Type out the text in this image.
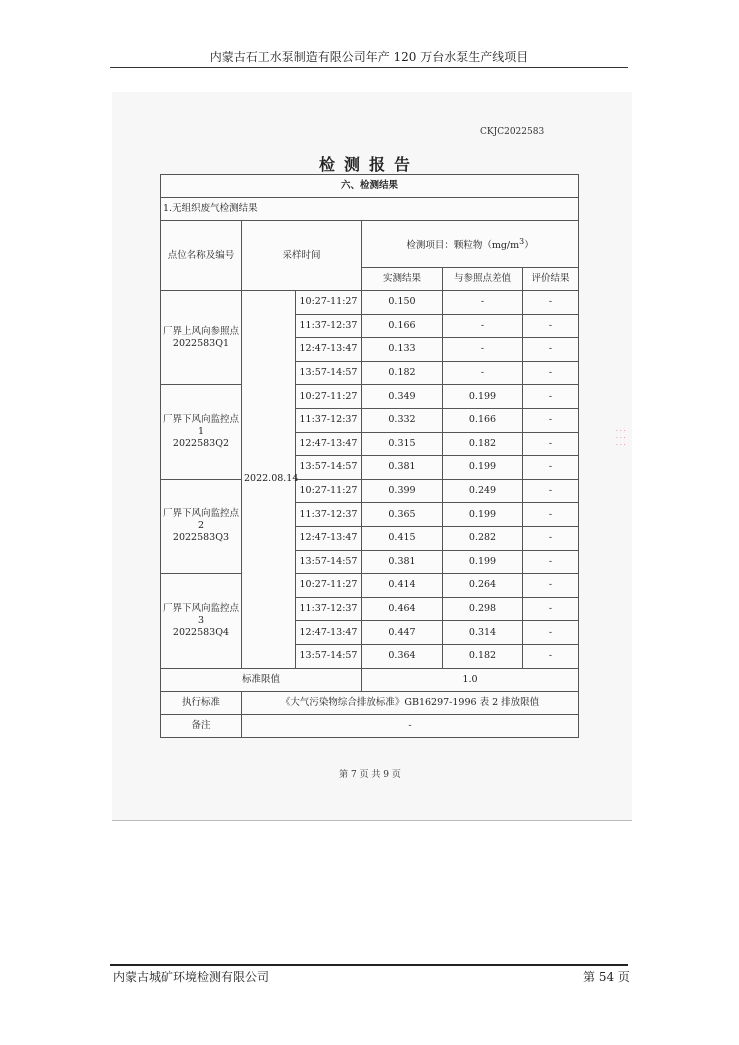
内蒙古石工水泵制造有限公司年产 120 万台水泵生产线项目
CKJC2022583
检测报告
六、检测结果					
1.无组织废气检测结果					
点位名称及编号	采样时间		检测项目：颗粒物$(mg/m^3)$		
			实测结果	与参照点差值	评价结果
厂界上风向参照点
2022583Q1	2022.08.14	10:27-11:27	0.150	-	-
		11:37-12:37	0.166	-	-
		12:47-13:47	0.133	-	-
		13:57-14:57	0.182	-	-
厂界下风向监控点 1
2022583Q2		10:27-11:27	0.349	0.199	-
		11:37-12:37	0.332	0.166	-
		12:47-13:47	0.315	0.182	-
		13:57-14:57	0.381	0.199	-
厂界下风向监控点 2
2022583Q3		10:27-11:27	0.399	0.249	-
		11:37-12:37	0.365	0.199	-
		12:47-13:47	0.415	0.282	-
		13:57-14:57	0.381	0.199	-
厂界下风向监控点 3
2022583Q4		10:27-11:27	0.414	0.264	-
		11:37-12:37	0.464	0.298	-
		12:47-13:47	0.447	0.314	-
		13:57-14:57	0.364	0.182	-
标准限值			1.0		
执行标准	《大气污染物综合排放标准》GB16297-1996 表 2 排放限值				
备注	-				
· · · · · · · · ·
第 7 页 共 9 页
内蒙古城矿环境检测有限公司	第 54 页
